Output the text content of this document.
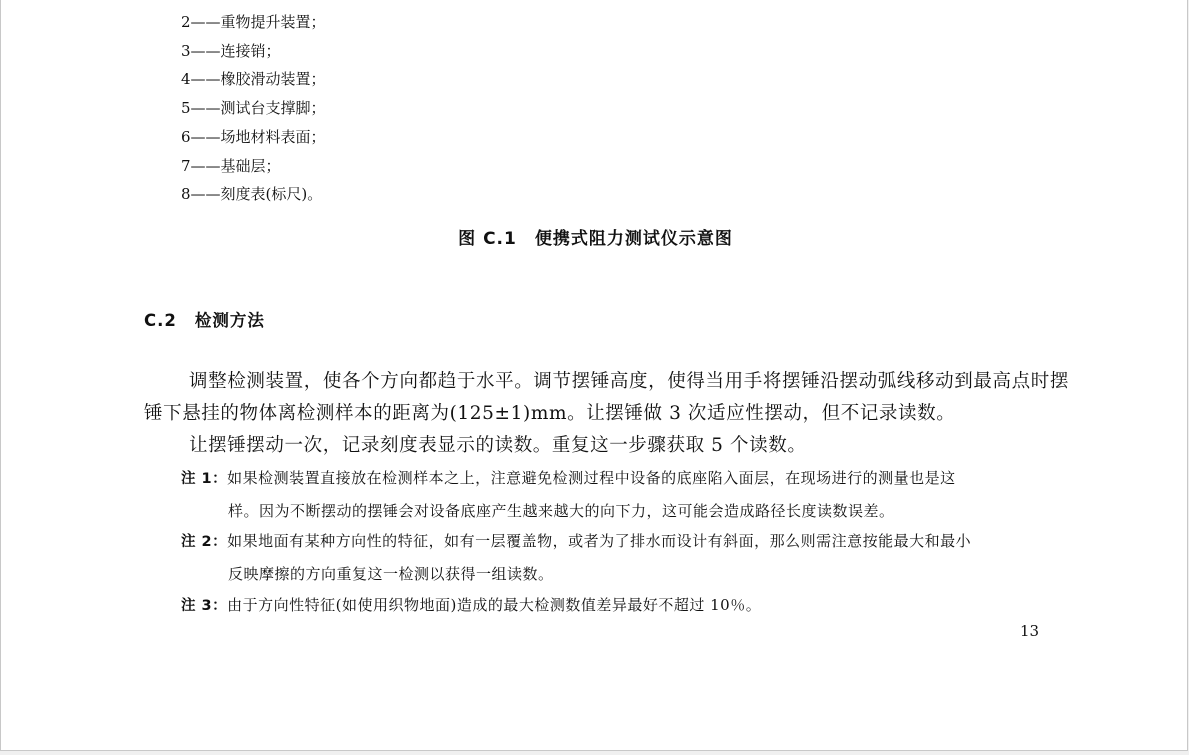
2——重物提升装置；
3——连接销；
4——橡胶滑动装置；
5——测试台支撑脚；
6——场地材料表面；
7——基础层；
8——刻度表(标尺)。
图 C.1　便携式阻力测试仪示意图
C.2 检测方法
调整检测装置，使各个方向都趋于水平。调节摆锤高度，使得当用手将摆锤沿摆动弧线移动到最高点时摆锤下悬挂的物体离检测样本的距离为(125±1)mm。让摆锤做 3 次适应性摆动，但不记录读数。
让摆锤摆动一次，记录刻度表显示的读数。重复这一步骤获取 5 个读数。
注 1：如果检测装置直接放在检测样本之上，注意避免检测过程中设备的底座陷入面层，在现场进行的测量也是这
样。因为不断摆动的摆锤会对设备底座产生越来越大的向下力，这可能会造成路径长度读数误差。
注 2：如果地面有某种方向性的特征，如有一层覆盖物，或者为了排水而设计有斜面，那么则需注意按能最大和最小
反映摩擦的方向重复这一检测以获得一组读数。
注 3：由于方向性特征(如使用织物地面)造成的最大检测数值差异最好不超过 10％。
13
